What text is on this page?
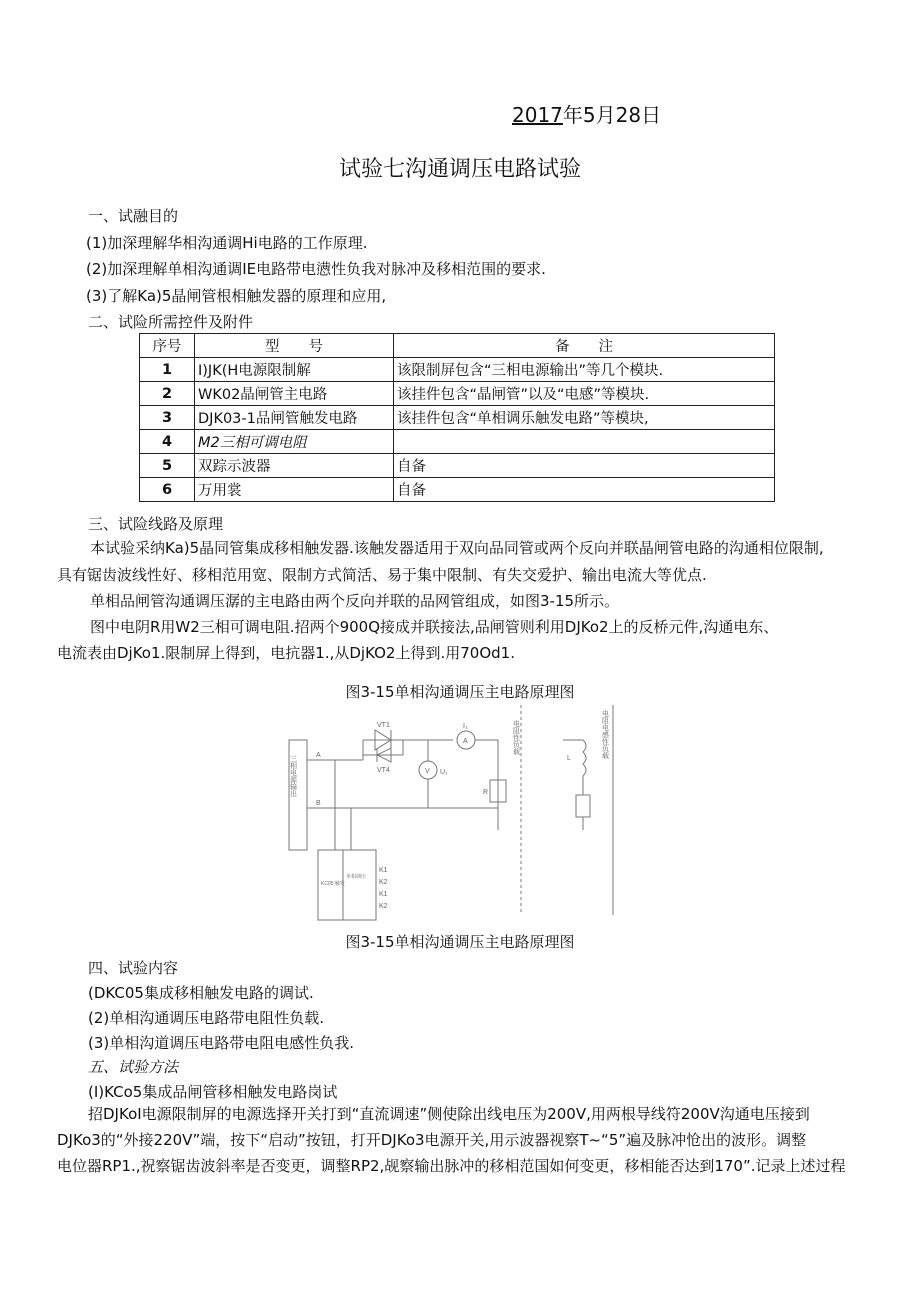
2017年5月28日
试验七沟通调压电路试验
一、试融目的
(1)加深理解华相沟通调Hi电路的工作原理.
(2)加深理解单相沟通调IE电路带电懑性负我对脉冲及移相范围的要求.
(3)了解Ka)5晶闸管根相触发器的原理和应用,
二、试险所需控件及附件
序号	型　　号	备　　注
1	I)JK(H电源限制解	该限制屏包含“三相电源输出”等几个模块.
2	WK02晶闸管主电路	该挂件包含“晶闸管”以及“电感”等模块.
3	DJK03-1品闸管触发电路	该挂件包含“单相调乐触发电路”等模块,
4	M2三相可调电阻	
5	双踪示波器	自备
6	万用裳	自备
三、试险线路及原理
本试验采纳Ka)5晶同管集成移相触发器.该触发器适用于双向品同管或两个反向并联晶闸管电路的沟通相位限制,
具有锯齿波线性好、移相范用宽、限制方式简活、易于集中限制、有失交爱护、输出电流大等优点.
单相品闸管沟通调压潺的主电路由两个反向并联的品网管组成，如图3-15所示。
图中电阴R用W2三相可调电阻.招两个900Q接成并联接法,品闸管则利用DJKo2上的反桥元件,沟通电东、
电流表由DjKo1.限制屏上得到，电抗器1.,从DjKO2上得到.用70Od1.
图3-15单相沟通调压主电路原理图
三相电源输出
VT1
VT4
I₁
U₁
A
V
A
B
R
L
电阻性负载	电阻电感性负载
KC05 触发
单相调压
K1
K2
K1
K2
图3-15单相沟通调压主电路原理图
四、试验内容
(DKC05集成移相触发电路的调试.
(2)单相沟通调压电路带电阻性负载.
(3)单相沟道调压电路带电阻电感性负我.
五、试验方法
(I)KCo5集成品闸管移相触发电路岗试
招DJKoI电源限制屏的电源选择开关打到“直流调速”侧使除出线电压为200V,用两根导线符200V沟通电压接到
DJKo3的“外接220V”端，按下“启动”按钮，打开DJKo3电源开关,用示波器视察T~“5”遍及脉冲怆出的波形。调整
电位器RP1.,祝察锯齿波斜率是否变更，调整RP2,觇察输出脉冲的移相范国如何变更，移相能否达到170”.记录上述过程
